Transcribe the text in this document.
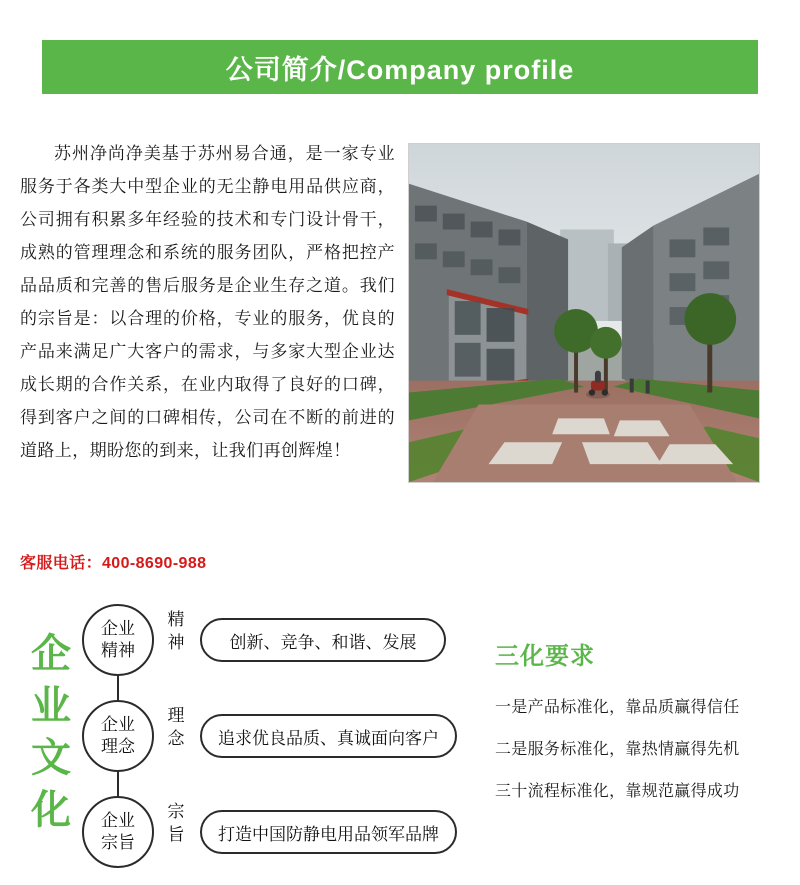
公司简介/Company profile

苏州净尚净美基于苏州易合通，是一家专业服务于各类大中型企业的无尘静电用品供应商，公司拥有积累多年经验的技术和专门设计骨干，成熟的管理理念和系统的服务团队，严格把控产品品质和完善的售后服务是企业生存之道。我们的宗旨是：以合理的价格，专业的服务，优良的产品来满足广大客户的需求，与多家大型企业达成长期的合作关系，在业内取得了良好的口碑，得到客户之间的口碑相传，公司在不断的前进的道路上，期盼您的到来，让我们再创辉煌！

客服电话：400-8690-988
企业文化
企业
精神
精神	创新、竞争、和谐、发展
企业
理念
理念	追求优良品质、真诚面向客户
企业
宗旨
宗旨	打造中国防静电用品领军品牌
三化要求
一是产品标准化，靠品质赢得信任
二是服务标准化，靠热情赢得先机
三十流程标准化，靠规范赢得成功
